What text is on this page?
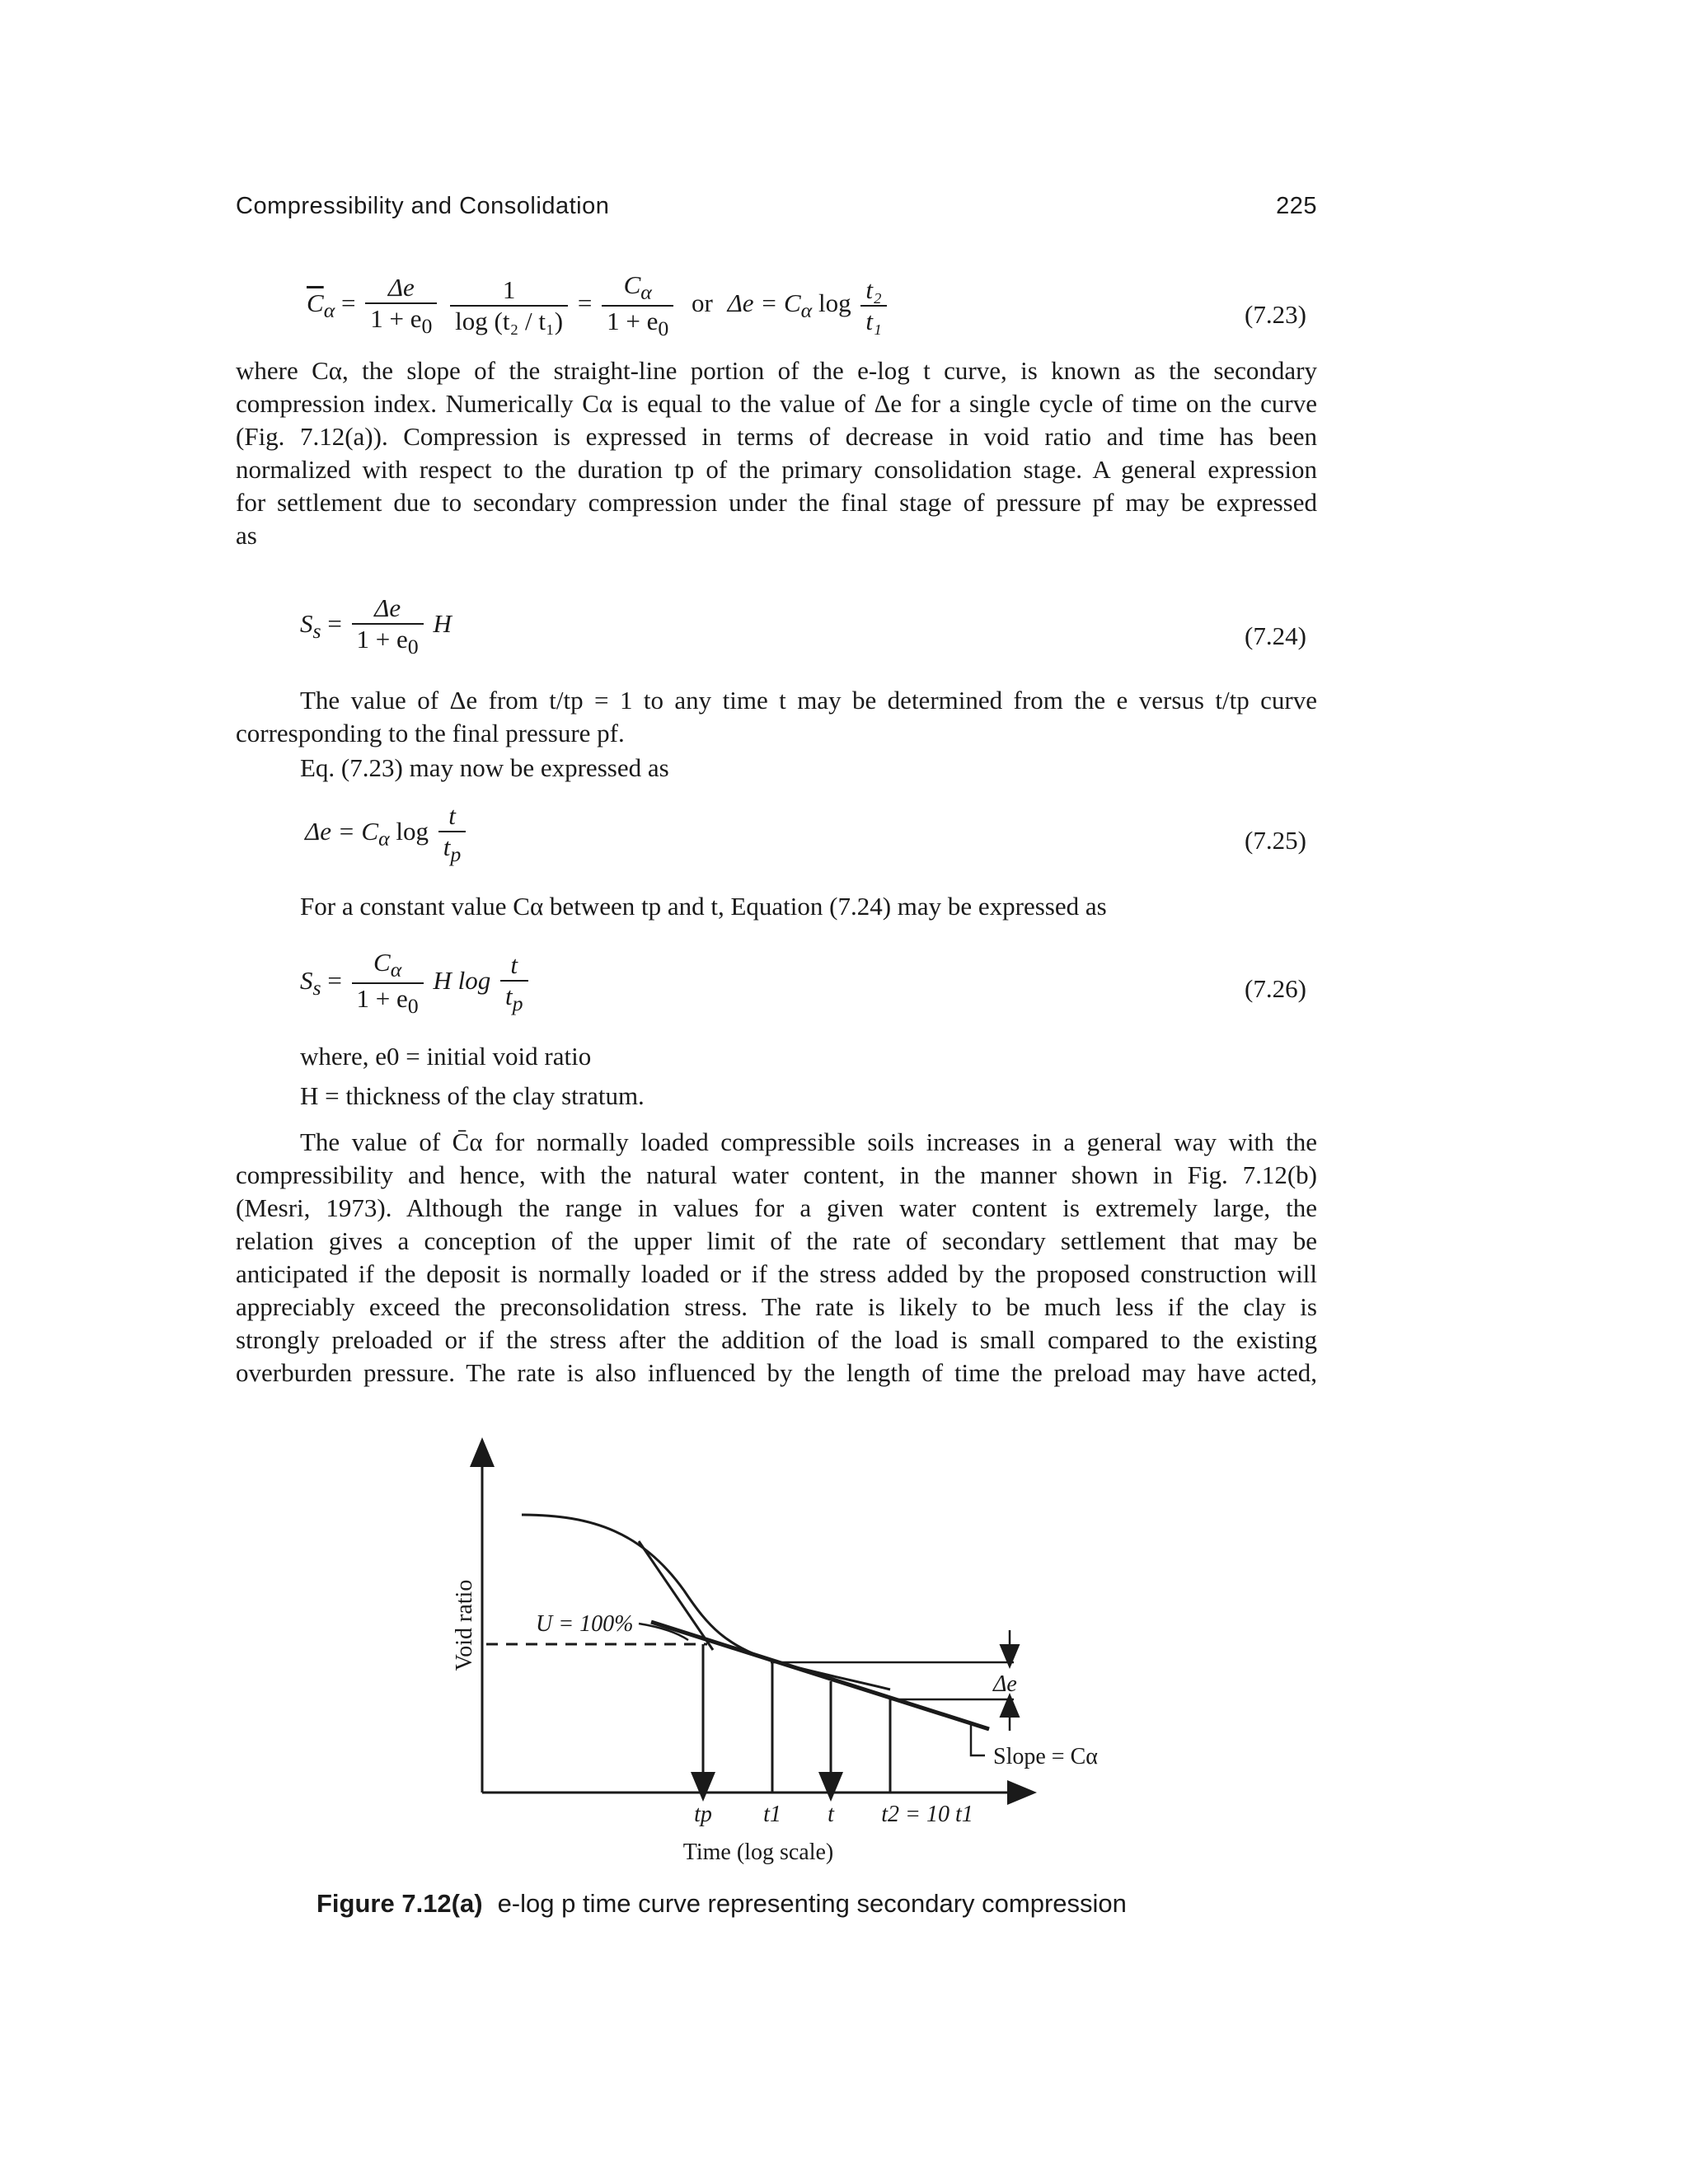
Compressibility and Consolidation	225
$\overline{C}_\alpha = \frac{\Delta e}{1 + e_0}$
$\frac{1}{\text{log (t₂ / t₁)}} = \frac{C_\alpha}{1 + e_0}$ or $\Delta e = C_\alpha$ $\log \frac{\text{t₂}}{\text{t₁}}$	(7.23)
where Cα, the slope of the straight-line portion of the e-log t curve, is known as the secondary
compression index. Numerically Cα is equal to the value of Δe for a single cycle of time on the curve
(Fig. 7.12(a)). Compression is expressed in terms of decrease in void ratio and time has been
normalized with respect to the duration tp of the primary consolidation stage. A general expression
for settlement due to secondary compression under the final stage of pressure pf may be expressed
as
$S_s = \frac{\Delta e}{1 + e_0}$ H	(7.24)
The value of Δe from t/tp = 1 to any time t may be determined from the e versus t/tp curve
corresponding to the final pressure pf.
Eq. (7.23) may now be expressed as
$\Delta e = C_\alpha$ $\log \frac{t}{t_p}$	(7.25)
For a constant value Cα between tp and t, Equation (7.24) may be expressed as
$S_s = \frac{C_\alpha}{1 + e_0}$ H $\log \frac{t}{t_p}$	(7.26)
where, e0 = initial void ratio
H = thickness of the clay stratum.
The value of C̄α for normally loaded compressible soils increases in a general way with the
compressibility and hence, with the natural water content, in the manner shown in Fig. 7.12(b)
(Mesri, 1973). Although the range in values for a given water content is extremely large, the
relation gives a conception of the upper limit of the rate of secondary settlement that may be
anticipated if the deposit is normally loaded or if the stress added by the proposed construction will
appreciably exceed the preconsolidation stress. The rate is likely to be much less if the clay is
strongly preloaded or if the stress after the addition of the load is small compared to the existing
overburden pressure. The rate is also influenced by the length of time the preload may have acted,
Void ratio	U = 100%
Δe
Slope = Cα
tp t1 t t2 = 10 t1
Time (log scale)
Figure 7.12(a) e-log p time curve representing secondary compression
